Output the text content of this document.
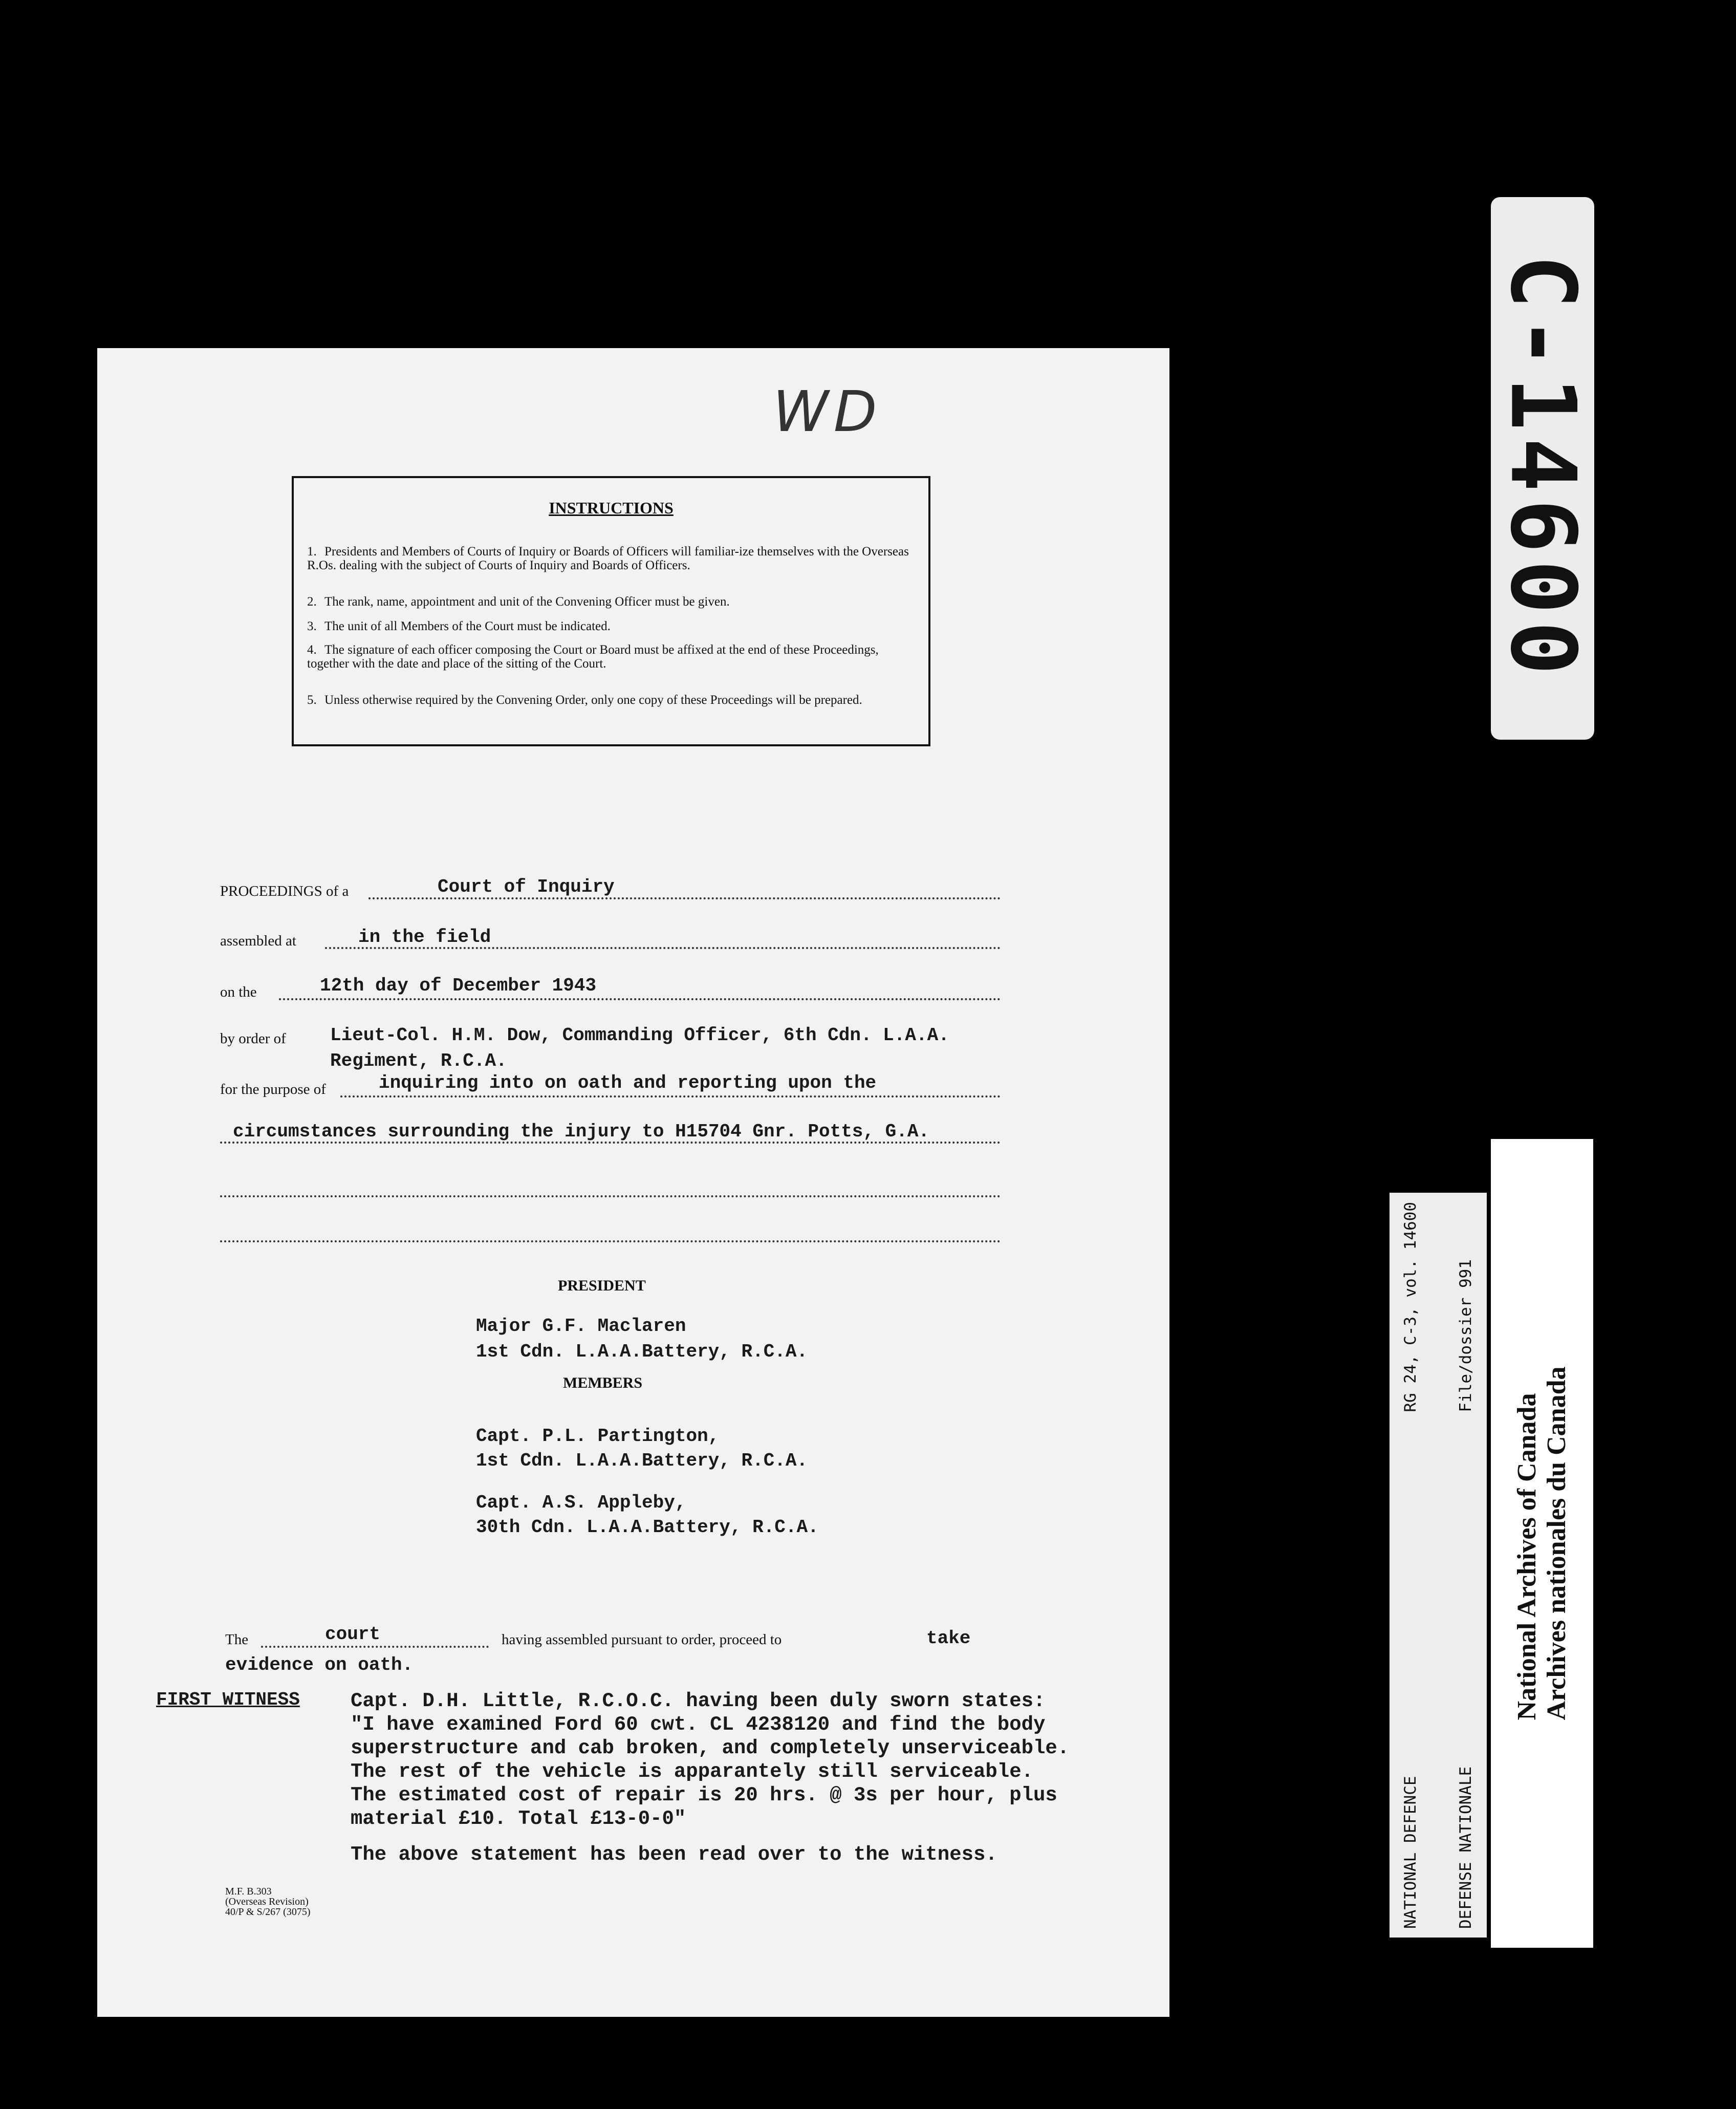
WD
INSTRUCTIONS
1. Presidents and Members of Courts of Inquiry or Boards of Officers will familiar-ize themselves with the Overseas R.Os. dealing with the subject of Courts of Inquiry and Boards of Officers.
2. The rank, name, appointment and unit of the Convening Officer must be given.
3. The unit of all Members of the Court must be indicated.
4. The signature of each officer composing the Court or Board must be affixed at the end of these Proceedings, together with the date and place of the sitting of the Court.
5. Unless otherwise required by the Convening Order, only one copy of these Proceedings will be prepared.
PROCEEDINGS of a	Court of Inquiry
assembled at	in the field
on the	12th day of December 1943
by order of Lieut-Col. H.M. Dow, Commanding Officer, 6th Cdn. L.A.A.
Regiment, R.C.A.
for the purpose of	inquiring into on oath and reporting upon the
circumstances surrounding the injury to H15704 Gnr. Potts, G.A.
PRESIDENT
Major G.F. Maclaren
1st Cdn. L.A.A.Battery, R.C.A.
MEMBERS
Capt. P.L. Partington,
1st Cdn. L.A.A.Battery, R.C.A.
Capt. A.S. Appleby,
30th Cdn. L.A.A.Battery, R.C.A.
The	court	having assembled pursuant to order, proceed to	take
evidence on oath.
FIRST WITNESS	Capt. D.H. Little, R.C.O.C. having been duly sworn states:
"I have examined Ford 60 cwt. CL 4238120 and find the body
superstructure and cab broken, and completely unserviceable.
The rest of the vehicle is apparantely still serviceable.
The estimated cost of repair is 20 hrs. @ 3s per hour, plus
material £10. Total £13-0-0"
The above statement has been read over to the witness.
M.F. B.303
(Overseas Revision)
40/P & S/267 (3075)
C-14600

NATIONAL DEFENCE

DEFENSE NATIONALE

RG 24, C-3, vol. 14600

File/dossier 991

National Archives of Canada Archives nationales du Canada
